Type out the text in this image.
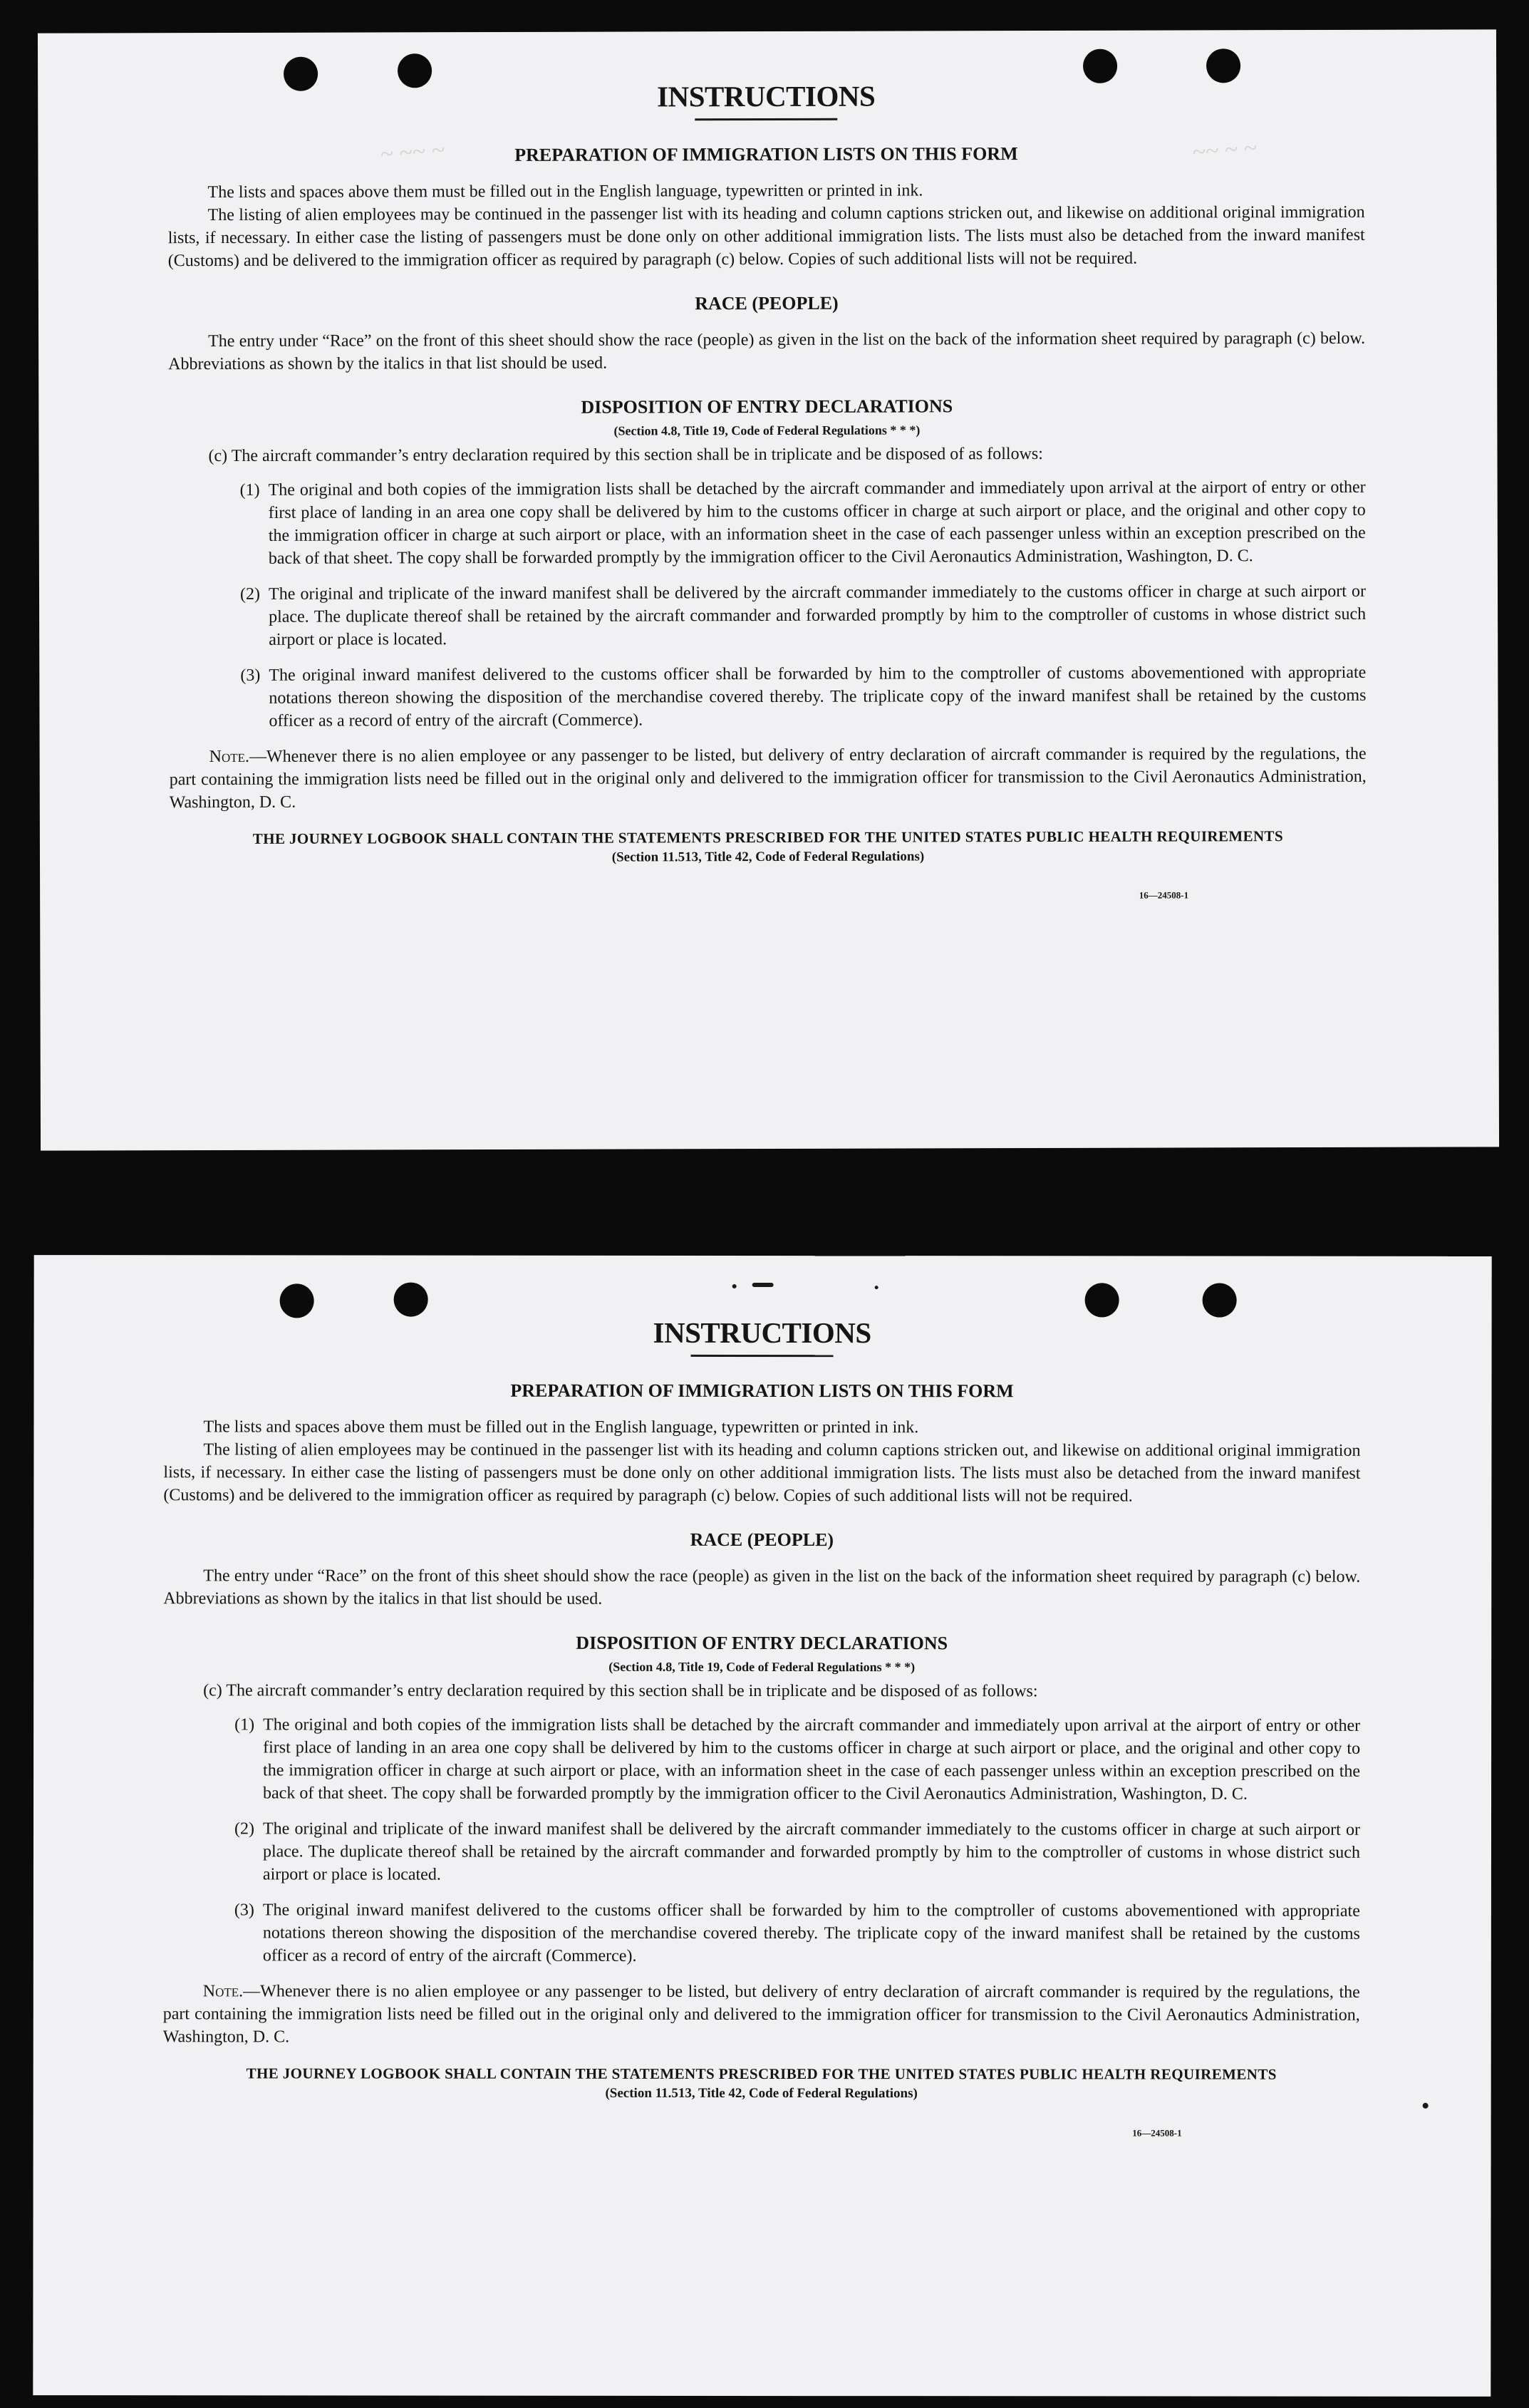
~ ~~ ~	~~ ~ ~
INSTRUCTIONS
PREPARATION OF IMMIGRATION LISTS ON THIS FORM

The lists and spaces above them must be filled out in the English language, typewritten or printed in ink.

The listing of alien employees may be continued in the passenger list with its heading and column captions stricken out, and likewise on additional original immigration lists, if necessary. In either case the listing of passengers must be done only on other additional immigration lists. The lists must also be detached from the inward manifest (Customs) and be delivered to the immigration officer as required by paragraph (c) below. Copies of such additional lists will not be required.

RACE (PEOPLE)

The entry under “Race” on the front of this sheet should show the race (people) as given in the list on the back of the information sheet required by paragraph (c) below. Abbreviations as shown by the italics in that list should be used.

DISPOSITION OF ENTRY DECLARATIONS
(Section 4.8, Title 19, Code of Federal Regulations * * *)

(c) The aircraft commander’s entry declaration required by this section shall be in triplicate and be disposed of as follows:

(1) The original and both copies of the immigration lists shall be detached by the aircraft commander and immediately upon arrival at the airport of entry or other first place of landing in an area one copy shall be delivered by him to the customs officer in charge at such airport or place, and the original and other copy to the immigration officer in charge at such airport or place, with an information sheet in the case of each passenger unless within an exception prescribed on the back of that sheet. The copy shall be forwarded promptly by the immigration officer to the Civil Aeronautics Administration, Washington, D. C.
(2) The original and triplicate of the inward manifest shall be delivered by the aircraft commander immediately to the customs officer in charge at such airport or place. The duplicate thereof shall be retained by the aircraft commander and forwarded promptly by him to the comptroller of customs in whose district such airport or place is located.
(3) The original inward manifest delivered to the customs officer shall be forwarded by him to the comptroller of customs abovementioned with appropriate notations thereon showing the disposition of the merchandise covered thereby. The triplicate copy of the inward manifest shall be retained by the customs officer as a record of entry of the aircraft (Commerce).

Note.—Whenever there is no alien employee or any passenger to be listed, but delivery of entry declaration of aircraft commander is required by the regulations, the part containing the immigration lists need be filled out in the original only and delivered to the immigration officer for transmission to the Civil Aeronautics Administration, Washington, D. C.

THE JOURNEY LOGBOOK SHALL CONTAIN THE STATEMENTS PRESCRIBED FOR THE UNITED STATES PUBLIC HEALTH REQUIREMENTS
(Section 11.513, Title 42, Code of Federal Regulations)
16—24508-1
INSTRUCTIONS
PREPARATION OF IMMIGRATION LISTS ON THIS FORM

The lists and spaces above them must be filled out in the English language, typewritten or printed in ink.

The listing of alien employees may be continued in the passenger list with its heading and column captions stricken out, and likewise on additional original immigration lists, if necessary. In either case the listing of passengers must be done only on other additional immigration lists. The lists must also be detached from the inward manifest (Customs) and be delivered to the immigration officer as required by paragraph (c) below. Copies of such additional lists will not be required.

RACE (PEOPLE)

The entry under “Race” on the front of this sheet should show the race (people) as given in the list on the back of the information sheet required by paragraph (c) below. Abbreviations as shown by the italics in that list should be used.

DISPOSITION OF ENTRY DECLARATIONS
(Section 4.8, Title 19, Code of Federal Regulations * * *)

(c) The aircraft commander’s entry declaration required by this section shall be in triplicate and be disposed of as follows:

(1) The original and both copies of the immigration lists shall be detached by the aircraft commander and immediately upon arrival at the airport of entry or other first place of landing in an area one copy shall be delivered by him to the customs officer in charge at such airport or place, and the original and other copy to the immigration officer in charge at such airport or place, with an information sheet in the case of each passenger unless within an exception prescribed on the back of that sheet. The copy shall be forwarded promptly by the immigration officer to the Civil Aeronautics Administration, Washington, D. C.
(2) The original and triplicate of the inward manifest shall be delivered by the aircraft commander immediately to the customs officer in charge at such airport or place. The duplicate thereof shall be retained by the aircraft commander and forwarded promptly by him to the comptroller of customs in whose district such airport or place is located.
(3) The original inward manifest delivered to the customs officer shall be forwarded by him to the comptroller of customs abovementioned with appropriate notations thereon showing the disposition of the merchandise covered thereby. The triplicate copy of the inward manifest shall be retained by the customs officer as a record of entry of the aircraft (Commerce).

Note.—Whenever there is no alien employee or any passenger to be listed, but delivery of entry declaration of aircraft commander is required by the regulations, the part containing the immigration lists need be filled out in the original only and delivered to the immigration officer for transmission to the Civil Aeronautics Administration, Washington, D. C.

THE JOURNEY LOGBOOK SHALL CONTAIN THE STATEMENTS PRESCRIBED FOR THE UNITED STATES PUBLIC HEALTH REQUIREMENTS
(Section 11.513, Title 42, Code of Federal Regulations)
16—24508-1
